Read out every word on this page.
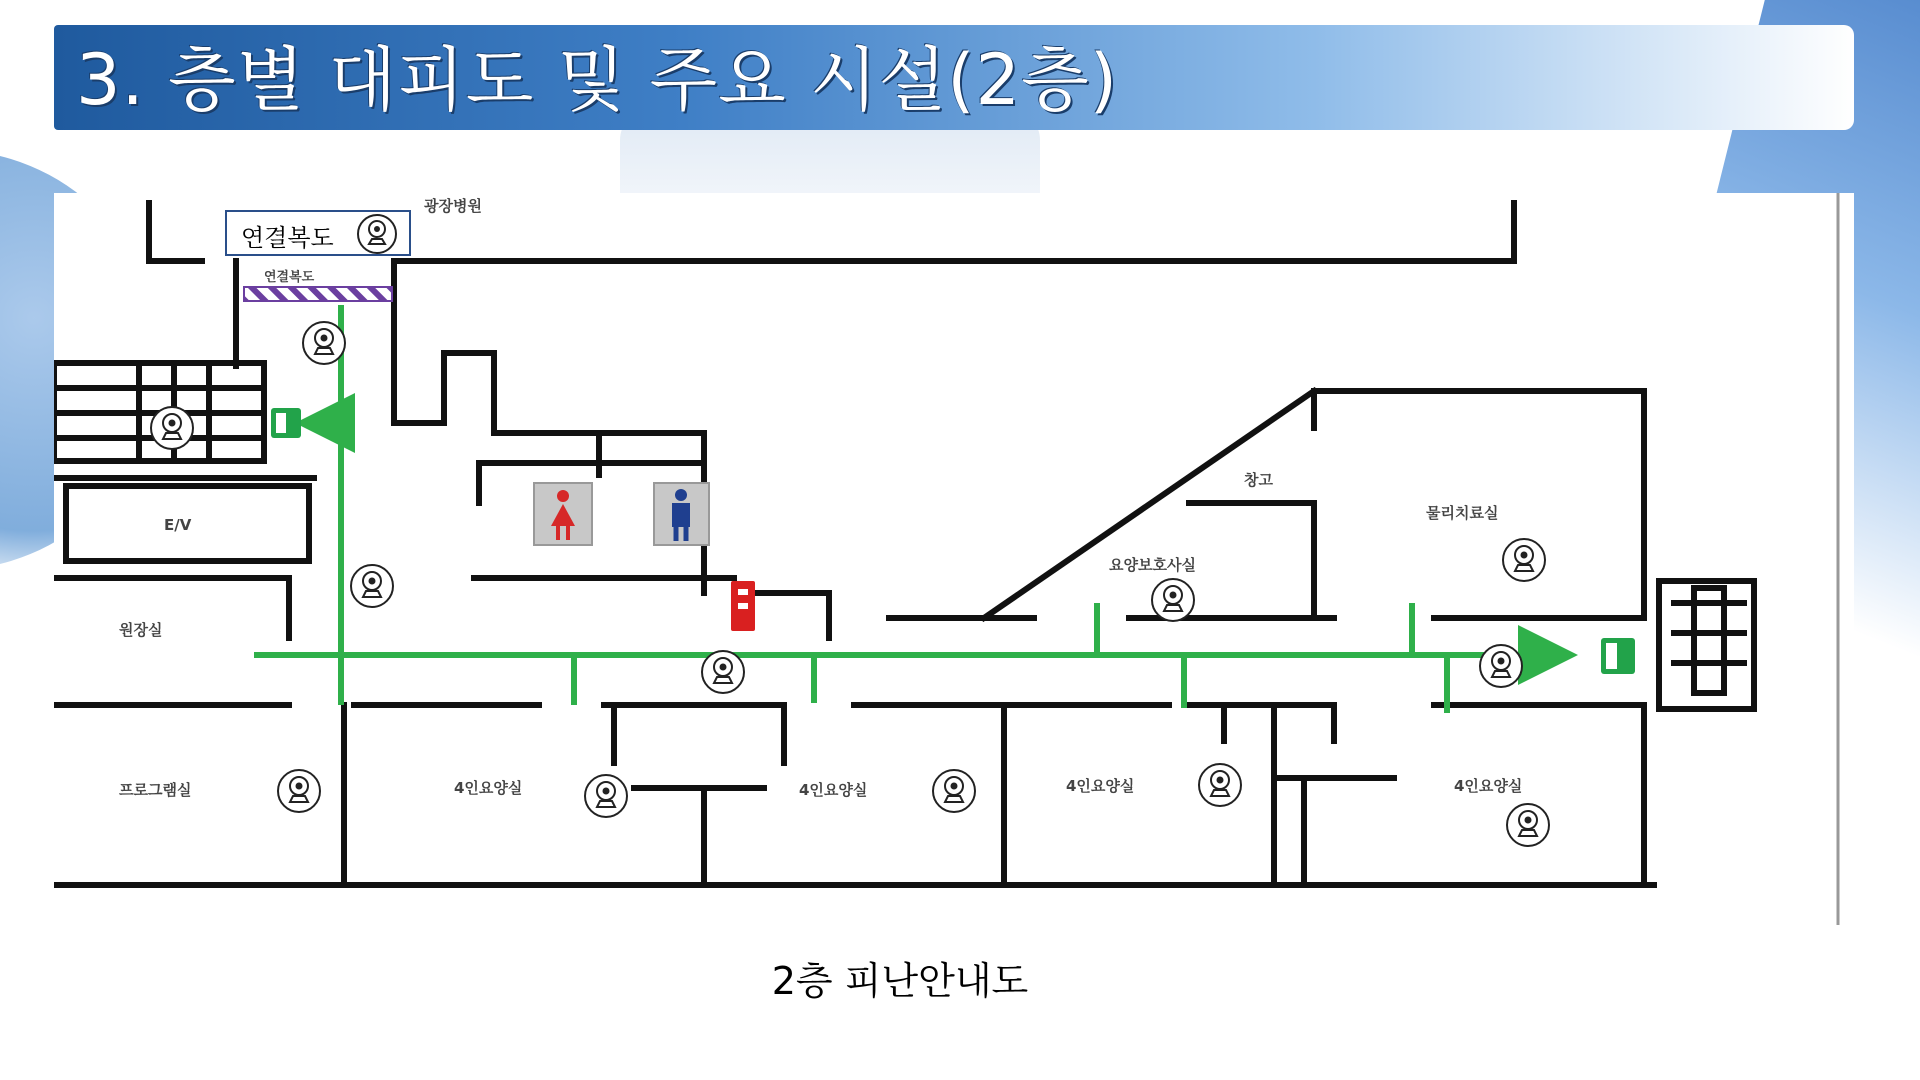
3. 층별 대피도 및 주요 시설(2층)
광장병원
연결복도
E/V
원장실
프로그램실
창고
요양보호사실
물리치료실
4인요양실	4인요양실	4인요양실	4인요양실
연결복도
2층 피난안내도
